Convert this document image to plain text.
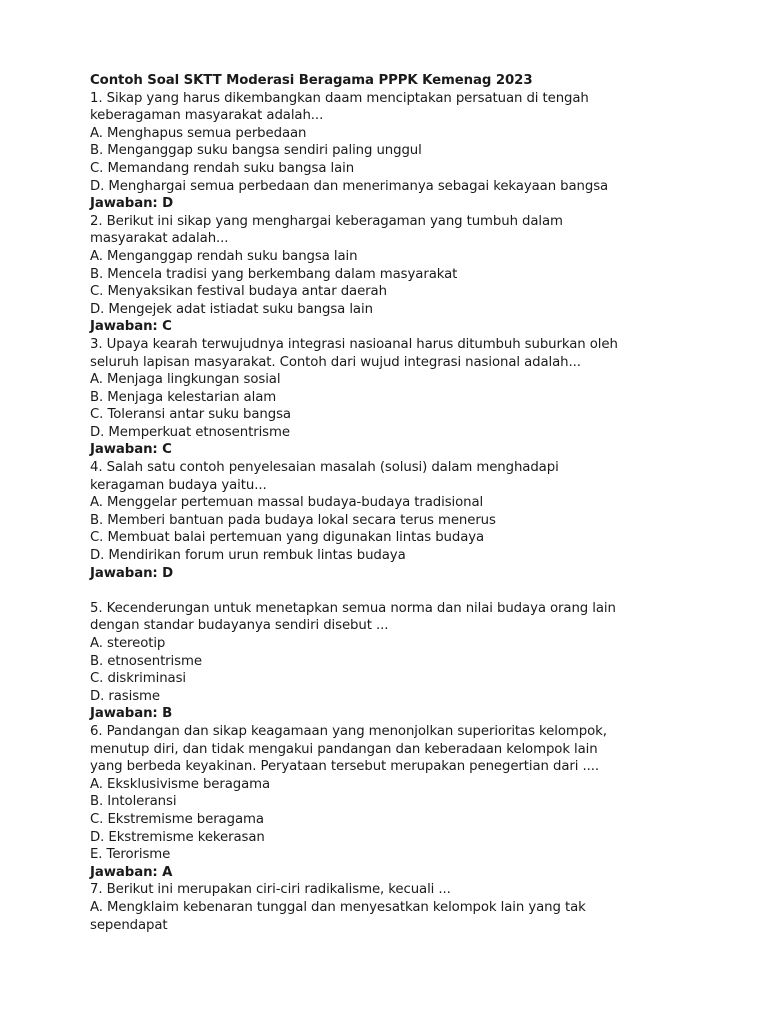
Contoh Soal SKTT Moderasi Beragama PPPK Kemenag 2023
1. Sikap yang harus dikembangkan daam menciptakan persatuan di tengah
keberagaman masyarakat adalah...
A. Menghapus semua perbedaan
B. Menganggap suku bangsa sendiri paling unggul
C. Memandang rendah suku bangsa lain
D. Menghargai semua perbedaan dan menerimanya sebagai kekayaan bangsa
Jawaban: D
2. Berikut ini sikap yang menghargai keberagaman yang tumbuh dalam
masyarakat adalah...
A. Menganggap rendah suku bangsa lain
B. Mencela tradisi yang berkembang dalam masyarakat
C. Menyaksikan festival budaya antar daerah
D. Mengejek adat istiadat suku bangsa lain
Jawaban: C
3. Upaya kearah terwujudnya integrasi nasioanal harus ditumbuh suburkan oleh
seluruh lapisan masyarakat. Contoh dari wujud integrasi nasional adalah...
A. Menjaga lingkungan sosial
B. Menjaga kelestarian alam
C. Toleransi antar suku bangsa
D. Memperkuat etnosentrisme
Jawaban: C
4. Salah satu contoh penyelesaian masalah (solusi) dalam menghadapi
keragaman budaya yaitu...
A. Menggelar pertemuan massal budaya-budaya tradisional
B. Memberi bantuan pada budaya lokal secara terus menerus
C. Membuat balai pertemuan yang digunakan lintas budaya
D. Mendirikan forum urun rembuk lintas budaya
Jawaban: D
5. Kecenderungan untuk menetapkan semua norma dan nilai budaya orang lain
dengan standar budayanya sendiri disebut ...
A. stereotip
B. etnosentrisme
C. diskriminasi
D. rasisme
Jawaban: B
6. Pandangan dan sikap keagamaan yang menonjolkan superioritas kelompok,
menutup diri, dan tidak mengakui pandangan dan keberadaan kelompok lain
yang berbeda keyakinan. Peryataan tersebut merupakan penegertian dari ....
A. Eksklusivisme beragama
B. Intoleransi
C. Ekstremisme beragama
D. Ekstremisme kekerasan
E. Terorisme
Jawaban: A
7. Berikut ini merupakan ciri-ciri radikalisme, kecuali ...
A. Mengklaim kebenaran tunggal dan menyesatkan kelompok lain yang tak
sependapat
